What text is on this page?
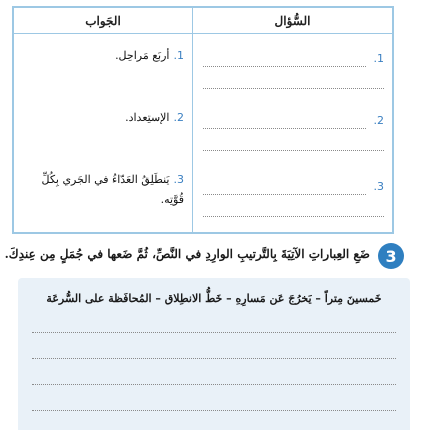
السُّؤال
الجَواب
1.
2.
3.
1.أربَع مَراحِل.
2.الإستِعداد.
3.يَنطَلِقُ العَدّاءُ في الجَري بِكُلِّ قُوَّتِه.
3
ضَعِ العِباراتِ الآتِيَةَ بِالتَّرتيبِ الوارِدِ في النَّصِّ، ثُمَّ ضَعها في جُمَلٍ مِن عِندِكَ.
خَمسينَ مِتراً – يَخرُجَ عَن مَسارِهِ – خَطُّ الانطِلاق – المُحافَظة على السُّرعَة
